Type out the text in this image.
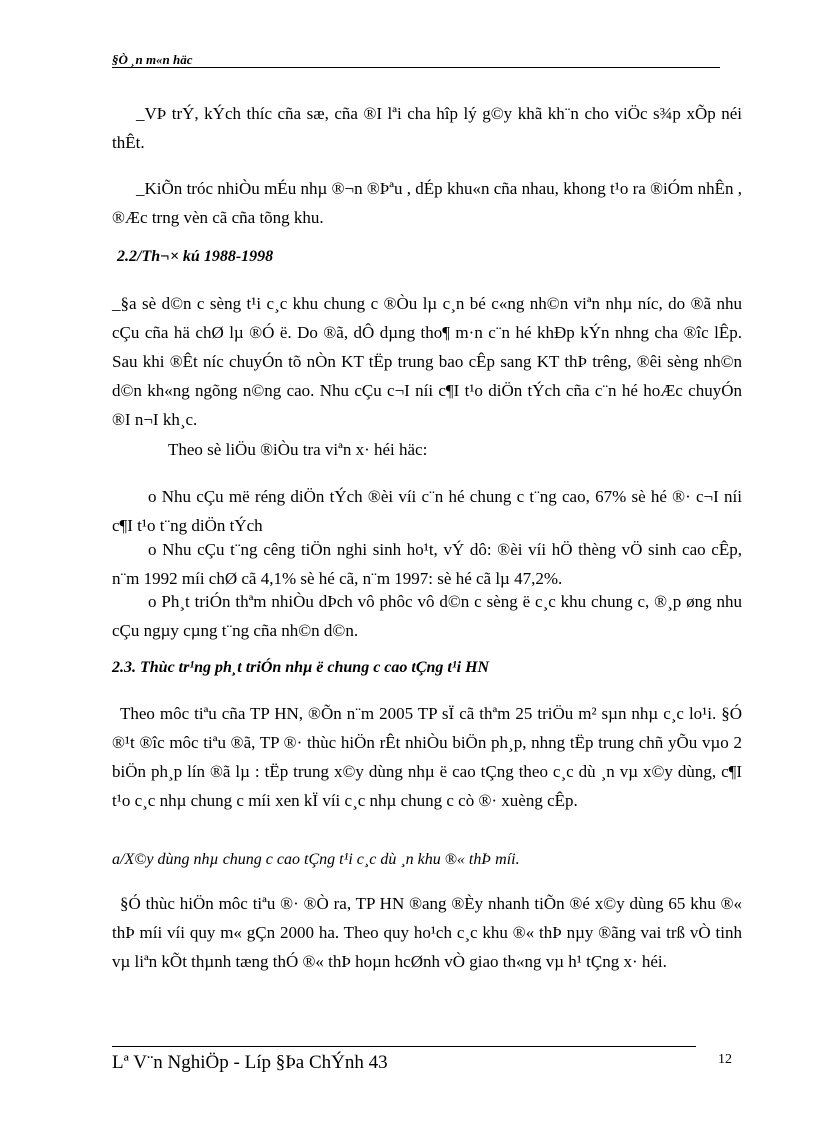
§Ò ¸n m«n häc

_VÞ trÝ, kÝch thíc cña sæ, cña ®I lªi cha hîp lý g©y khã kh¨n cho viÖc s¾p xÕp néi thÊt.

_KiÕn tróc nhiÒu mÉu nhµ ®¬n ®Þªu , dÉp khu«n cña nhau, khong t¹o ra ®iÓm nhÊn , ®Æc trng vèn cã cña tõng khu.

2.2/Th¬× kú 1988-1998

_§a sè d©n c sèng t¹i c¸c khu chung c ®Òu lµ c¸n bé c«ng nh©n viªn nhµ níc, do ®ã nhu cÇu cña hä chØ lµ ®Ó ë. Do ®ã, dÔ dµng tho¶ m·n c¨n hé khÐp kÝn nhng cha ®îc lÊp. Sau khi ®Êt níc chuyÓn tõ nÒn KT tËp trung bao cÊp sang KT thÞ trêng, ®êi sèng nh©n d©n kh«ng ngõng n©ng cao. Nhu cÇu c¬I níi c¶I t¹o diÖn tÝch cña c¨n hé hoÆc chuyÓn ®I n¬I kh¸c.

Theo sè liÖu ®iÒu tra viªn x· héi häc:

o Nhu cÇu më réng diÖn tÝch ®èi víi c¨n hé chung c t¨ng cao, 67% sè hé ®· c¬I níi c¶I t¹o t¨ng diÖn tÝch

o Nhu cÇu t¨ng cêng tiÖn nghi sinh ho¹t, vÝ dô: ®èi víi hÖ thèng vÖ sinh cao cÊp, n¨m 1992 míi chØ cã 4,1% sè hé cã, n¨m 1997: sè hé cã lµ 47,2%.

o Ph¸t triÓn thªm nhiÒu dÞch vô phôc vô d©n c sèng ë c¸c khu chung c, ®¸p øng nhu cÇu ngµy cµng t¨ng cña nh©n d©n.

2.3. Thùc tr¹ng ph¸t triÓn nhµ ë chung c cao tÇng t¹i HN

Theo môc tiªu cña TP HN, ®Õn n¨m 2005 TP sÏ cã thªm 25 triÖu m² sµn nhµ c¸c lo¹i. §Ó ®¹t ®îc môc tiªu ®ã, TP ®· thùc hiÖn rÊt nhiÒu biÖn ph¸p, nhng tËp trung chñ yÕu vµo 2 biÖn ph¸p lín ®ã lµ : tËp trung x©y dùng nhµ ë cao tÇng theo c¸c dù ¸n vµ x©y dùng, c¶I t¹o c¸c nhµ chung c míi xen kÏ víi c¸c nhµ chung c cò ®· xuèng cÊp.

a/X©y dùng nhµ chung c cao tÇng t¹i c¸c dù ¸n khu ®« thÞ míi.

§Ó thùc hiÖn môc tiªu ®· ®Ò ra, TP HN ®ang ®Èy nhanh tiÕn ®é x©y dùng 65 khu ®« thÞ míi víi quy m« gÇn 2000 ha. Theo quy ho¹ch c¸c khu ®« thÞ nµy ®ãng vai trß vÒ tinh vµ liªn kÕt thµnh tæng thÓ ®« thÞ hoµn hcØnh vÒ giao th«ng vµ h¹ tÇng x· héi.

Lª V¨n NghiÖp - Líp §Þa ChÝnh 43	12
